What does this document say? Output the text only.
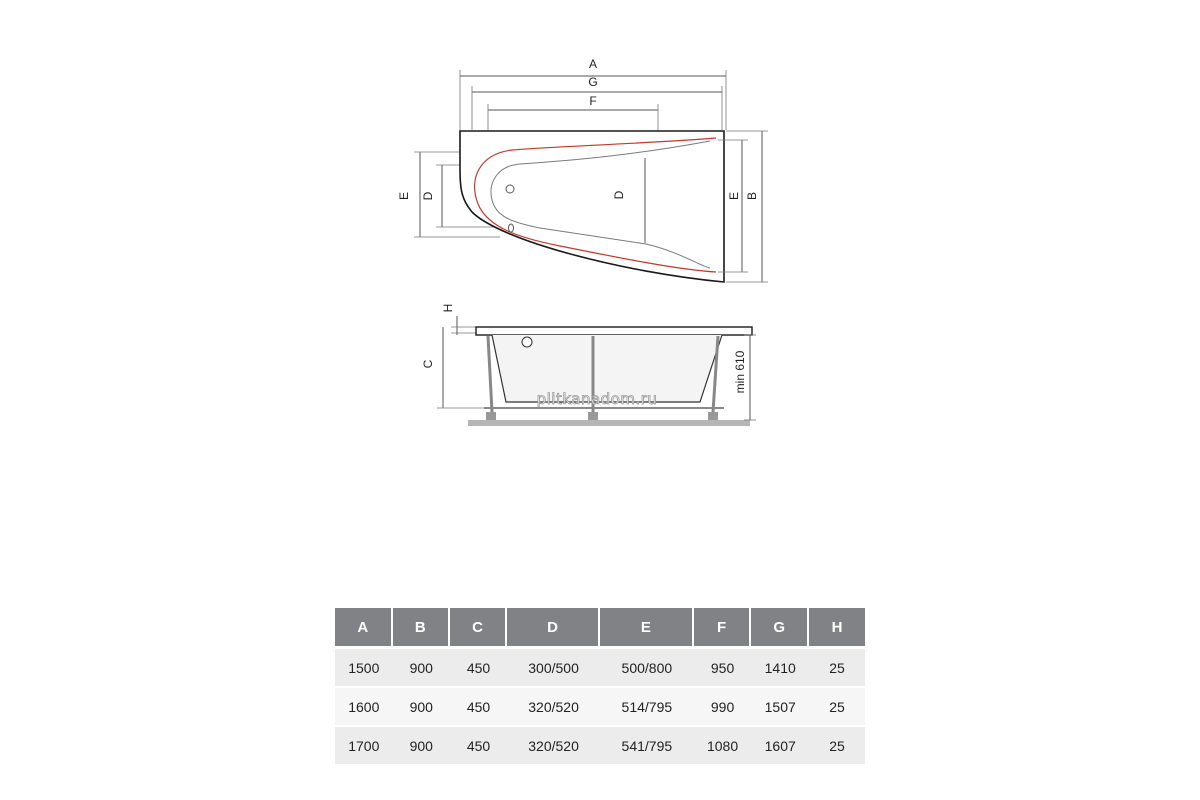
A
G
F
E D	D	E B
H
C	min 610
plitkanadom.ru
A	B	C	D	E	F	G	H
1500	900	450	300/500	500/800	950	1410	25
1600	900	450	320/520	514/795	990	1507	25
1700	900	450	320/520	541/795	1080	1607	25
